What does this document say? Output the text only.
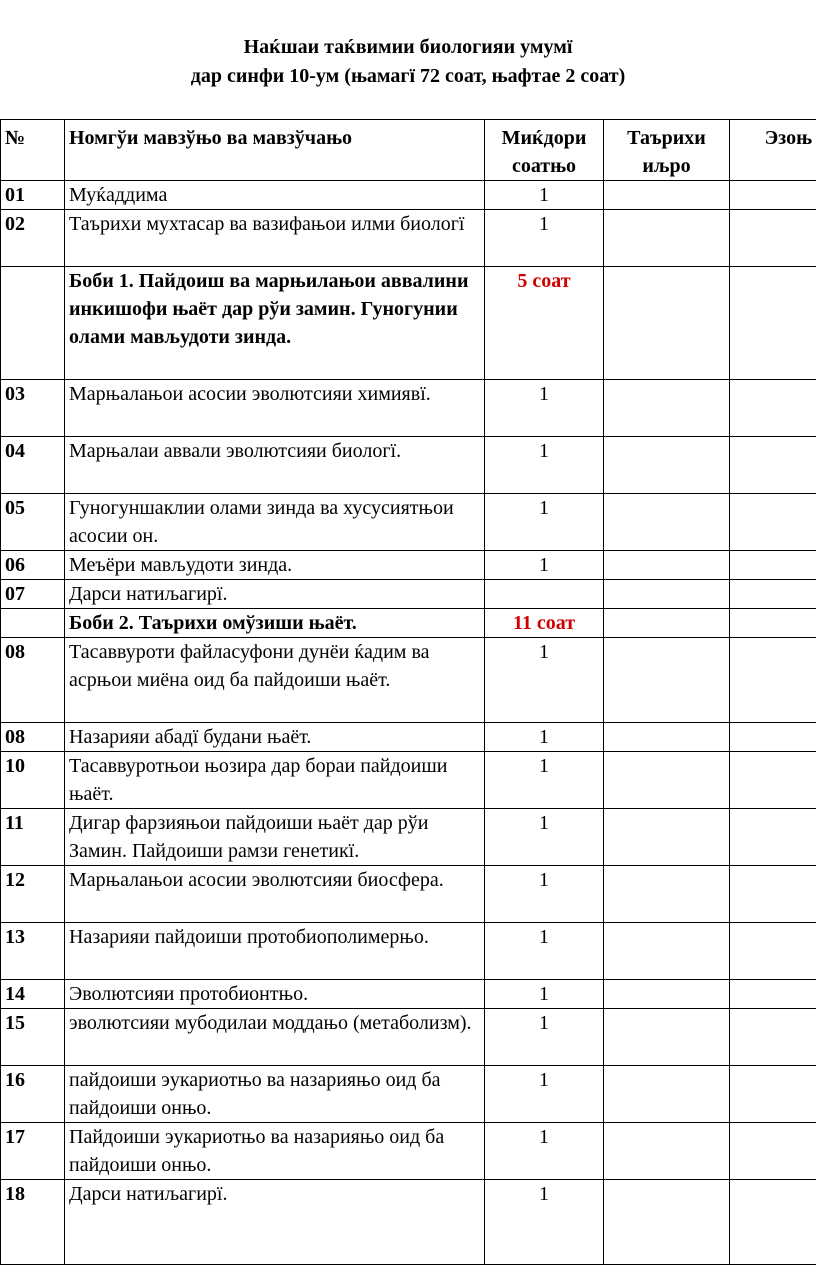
Наќшаи таќвимии биологияи умумї
дар синфи 10-ум (њамагї 72 соат, њафтае 2 соат)
№	Номгўи мавзўњо ва мавзўчањо	Миќдори соатњо	Таърихи иљро	Эзоњ
01	Муќаддима	1		
02	Таърихи мухтасар ва вазифањои илми биологї	1		
	Боби 1. Пайдоиш ва марњилањои аввалини инкишофи њаёт дар рўи замин. Гуногунии олами мављудоти зинда.	5 соат		
03	Марњалањои асосии эволютсияи химиявї.	1		
04	Марњалаи аввали эволютсияи биологї.	1		
05	Гуногуншаклии олами зинда ва хусусиятњои асосии он.	1		
06	Меъёри мављудоти зинда.	1		
07	Дарси натиљагирї.			
	Боби 2. Таърихи омўзиши њаёт.	11 соат		
08	Тасаввуроти файласуфони дунёи ќадим ва асрњои миёна оид ба пайдоиши њаёт.	1		
08	Назарияи абадї будани њаёт.	1		
10	Тасаввуротњои њозира дар бораи пайдоиши њаёт.	1		
11	Дигар фарзияњои пайдоиши њаёт дар рўи Замин. Пайдоиши рамзи генетикї.	1		
12	Марњалањои асосии эволютсияи биосфера.	1		
13	Назарияи пайдоиши протобиополимерњо.	1		
14	Эволютсияи протобионтњо.	1		
15	эволютсияи мубодилаи моддањо (метаболизм).	1		
16	пайдоиши эукариотњо ва назарияњо оид ба пайдоиши онњо.	1		
17	Пайдоиши эукариотњо ва назарияњо оид ба пайдоиши онњо.	1		
18	Дарси натиљагирї.	1		
